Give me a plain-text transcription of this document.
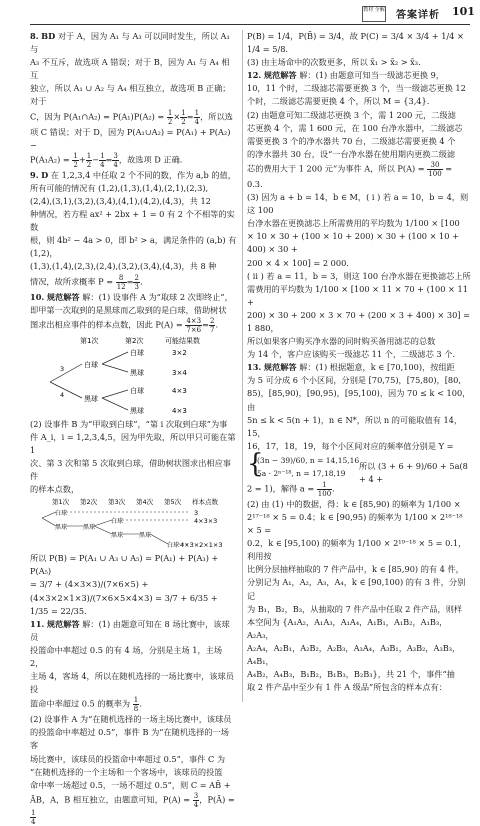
教材 全解 答案详析 101

8. BD 对于 A，因为 A₁ 与 A₃ 可以同时发生，所以 A₁ 与

A₃ 不互斥，故选项 A 错误；对于 B，因为 A₁ 与 A₄ 相互

独立，所以 A₁ ∪ A₂ 与 A₄ 相互独立，故选项 B 正确；对于

C，因为 P(A₁∩A₂) = $P(A_1)P(A_2) = \frac{1}{2} \times \frac{1}{2} = \frac{1}{4}$ ，所以选

项 C 错误；对于 D，因为 P(A₁∪A₂) = P(A₁) + P(A₂) −

$P(A_1A_2) = \frac{1}{2} + \frac{1}{2} - \frac{1}{4} = \frac{3}{4}$ ，故选项 D 正确.

9. D 在 1,2,3,4 中任取 2 个不同的数，作为 a,b 的值，

所有可能的情况有 (1,2),(1,3),(1,4),(2,1),(2,3),

(2,4),(3,1),(3,2),(3,4),(4,1),(4,2),(4,3)，共 12

种情况，若方程 ax² + 2bx + 1 = 0 有 2 个不相等的实数

根，则 4b² − 4a > 0，即 b² > a，满足条件的 (a,b) 有 (1,2)，

(1,3),(1,4),(2,3),(2,4),(3,2),(3,4),(4,3)，共 8 种

情况，故所求概率 $P = \frac{8}{12} = \frac{2}{3}$ .

10. 规范解答 解：(1) 设事件 A 为“取球 2 次即终止”，

即甲第一次取到的是黑球而乙取到的是白球，借助树状

图求出相应事件的样本点数，因此 $P(A) = \frac{4\times 3}{7\times 6} = \frac{2}{7}$ .

第1次	第2次	可能结果数
3
4
白球
黑球
白球
黑球
白球
黑球
3×2
3×4
4×3
4×3

(2) 设事件 B 为“甲取到白球”，“第 i 次取到白球”为事

件 A_i，i = 1,2,3,4,5，因为甲先取，所以甲只可能在第 1

次、第 3 次和第 5 次取到白球，借助树状图求出相应事件

的样本点数，

第1次 第2次 第3次 第4次 第5次 样本点数
白球
黑球	黑球
白球
黑球	黑球
白球
3
4×3×3
4×3×2×1×3

所以 P(B) = P(A₁ ∪ A₃ ∪ A₅) = P(A₁) + P(A₃) + P(A₅)

= 3/7 + (4×3×3)/(7×6×5) + (4×3×2×1×3)/(7×6×5×4×3) = 3/7 + 6/35 + 1/35 = 22/35.

11. 规范解答 解：(1) 由题意可知在 8 场比赛中，该球员

投篮命中率超过 0.5 的有 4 场，分别是主场 1，主场 2，

主场 4，客场 4，所以在随机选择的一场比赛中，该球员投

篮命中率超过 0.5 的概率为 $\frac{1}{8}$ .

(2) 设事件 A 为“在随机选择的一场主场比赛中，该球员

的投篮命中率超过 0.5”，事件 B 为“在随机选择的一场客

场比赛中，该球员的投篮命中率超过 0.5”，事件 C 为

“在随机选择的一个主场和一个客场中，该球员的投篮

命中率一场超过 0.5，一场不超过 0.5”，则 C = AB̄ +

ĀB，A，B 相互独立，由题意可知，$P(A) = \frac{3}{4}$ ，P(Ā) =
$\frac{1}{4}$

P(B) = 1/4，P(B̄) = 3/4，故 P(C) = 3/4 × 3/4 + 1/4 ×

1/4 = 5/8.

(3) 由主场命中的次数更多，所以 x̄₁ > x̄₂ > x̄₃.

12. 规范解答 解：(1) 由题意可知当一级滤芯更换 9，

10，11 个时，二级滤芯需要更换 3 个，当一级滤芯更换 12

个时，二级滤芯需要更换 4 个，所以 M = {3,4}.

(2) 由题意可知二级滤芯更换 3 个，需 1 200 元，二级滤

芯更换 4 个，需 1 600 元，在 100 台净水器中，二级滤芯

需要更换 3 个的净水器共 70 台，二级滤芯需要更换 4 个

的净水器共 30 台，设“一台净水器在使用期内更换二级滤

芯的费用大于 1 200 元”为事件 A，所以 $P(A) = \frac{30}{100}$ =

0.3.

(3) 因为 a + b = 14，b ∈ M，( i ) 若 a = 10，b = 4，则这 100

台净水器在更换滤芯上所需费用的平均数为 1/100 × [100

× 10 × 30 + (100 × 10 + 200) × 30 + (100 × 10 + 400) × 30 +

200 × 4 × 100] = 2 000.

( ii ) 若 a = 11，b = 3，则这 100 台净水器在更换滤芯上所

需费用的平均数为 1/100 × [100 × 11 × 70 + (100 × 11 +

200) × 30 + 200 × 3 × 70 + (200 × 3 + 400) × 30] = 1 880，

所以如果客户购买净水器的同时购买备用滤芯的总数

为 14 个，客户应该购买一级滤芯 11 个，二级滤芯 3 个.

13. 规范解答 解：(1) 根据题意，k ∈ [70,100)，按组距

为 5 可分成 6 个小区间，分别是 [70,75)，[75,80)，[80,

85)，[85,90)，[90,95)，[95,100)，因为 70 ≤ k < 100，由

5n ≤ k < 5(n + 1)，n ∈ N*，所以 n 的可能取值有 14，15，

16，17，18，19，每个小区间对应的频率值分别是 Y =

{
(3n − 39)/60, n = 14,15,16
5a · 2ⁿ⁻¹⁸, n = 17,18,19
所以 (3 + 6 + 9)/60 + 5a(8 + 4 +

2 = 1)，解得 $a = \frac{1}{100}$ .

(2) 由 (1) 中的数据，得：k ∈ [85,90) 的频率为 1/100 ×

2¹⁷⁻¹⁸ × 5 = 0.4；k ∈ [90,95) 的频率为 1/100 × 2¹⁸⁻¹⁸ × 5 =

0.2，k ∈ [95,100) 的频率为 1/100 × 2¹⁹⁻¹⁸ × 5 = 0.1，利用按

比例分层抽样抽取的 7 件产品中，k ∈ [85,90) 的有 4 件，

分别记为 A₁，A₂，A₃，A₄，k ∈ [90,100) 的有 3 件，分别记

为 B₁，B₂，B₃，从抽取的 7 件产品中任取 2 件产品，则样

本空间为 {A₁A₂，A₁A₃，A₁A₄，A₁B₁，A₁B₂，A₁B₃，A₂A₃，

A₂A₄，A₂B₁，A₂B₂，A₂B₃，A₃A₄，A₃B₁，A₃B₂，A₃B₃，A₄B₁，

A₄B₂，A₄B₃，B₁B₂，B₁B₃，B₂B₃}，共 21 个，事件“抽

取 2 件产品中至少有 1 件 A 级品”所包含的样本点有：
